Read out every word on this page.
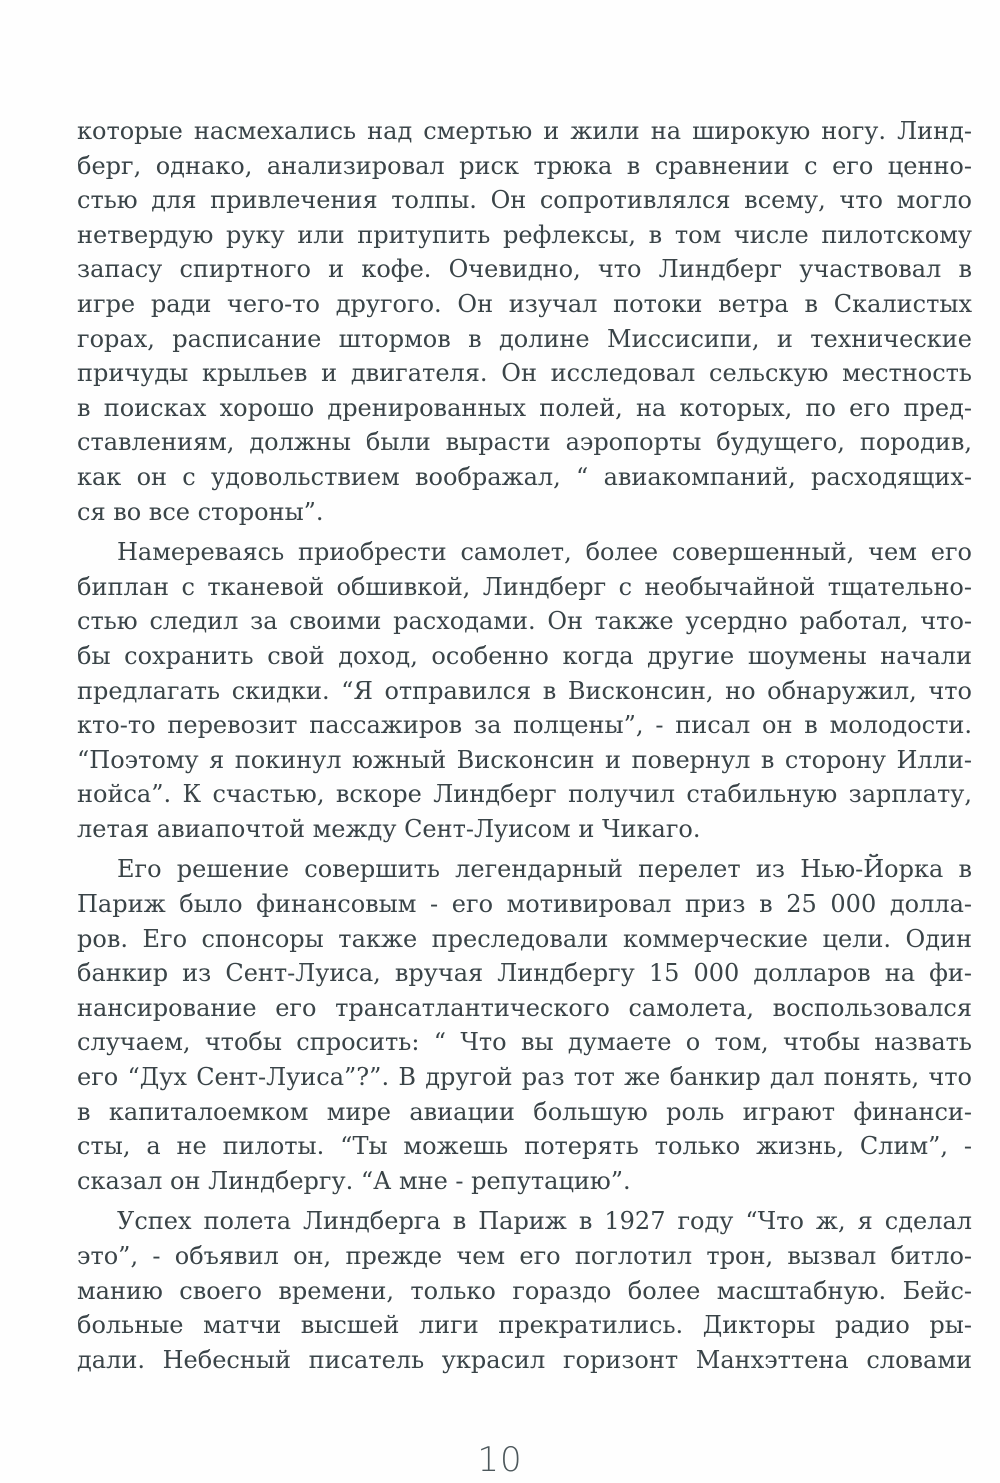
которые насмехались над смертью и жили на широкую ногу. Линд-
берг, однако, анализировал риск трюка в сравнении с его ценно-
стью для привлечения толпы. Он сопротивлялся всему, что могло
нетвердую руку или притупить рефлексы, в том числе пилотскому
запасу спиртного и кофе. Очевидно, что Линдберг участвовал в
игре ради чего-то другого. Он изучал потоки ветра в Скалистых
горах, расписание штормов в долине Миссисипи, и технические
причуды крыльев и двигателя. Он исследовал сельскую местность
в поисках хорошо дренированных полей, на которых, по его пред-
ставлениям, должны были вырасти аэропорты будущего, породив,
как он с удовольствием воображал, “ авиакомпаний, расходящих-
ся во все стороны”.
Намереваясь приобрести самолет, более совершенный, чем его
биплан с тканевой обшивкой, Линдберг с необычайной тщательно-
стью следил за своими расходами. Он также усердно работал, что-
бы сохранить свой доход, особенно когда другие шоумены начали
предлагать скидки. “Я отправился в Висконсин, но обнаружил, что
кто-то перевозит пассажиров за полцены”, - писал он в молодости.
“Поэтому я покинул южный Висконсин и повернул в сторону Илли-
нойса”. К счастью, вскоре Линдберг получил стабильную зарплату,
летая авиапочтой между Сент-Луисом и Чикаго.
Его решение совершить легендарный перелет из Нью-Йорка в
Париж было финансовым - его мотивировал приз в 25 000 долла-
ров. Его спонсоры также преследовали коммерческие цели. Один
банкир из Сент-Луиса, вручая Линдбергу 15 000 долларов на фи-
нансирование его трансатлантического самолета, воспользовался
случаем, чтобы спросить: “ Что вы думаете о том, чтобы назвать
его “Дух Сент-Луиса”?”. В другой раз тот же банкир дал понять, что
в капиталоемком мире авиации большую роль играют финанси-
сты, а не пилоты. “Ты можешь потерять только жизнь, Слим”, -
сказал он Линдбергу. “А мне - репутацию”.
Успех полета Линдберга в Париж в 1927 году “Что ж, я сделал
это”, - объявил он, прежде чем его поглотил трон, вызвал битло-
манию своего времени, только гораздо более масштабную. Бейс-
больные матчи высшей лиги прекратились. Дикторы радио ры-
дали. Небесный писатель украсил горизонт Манхэттена словами
10
